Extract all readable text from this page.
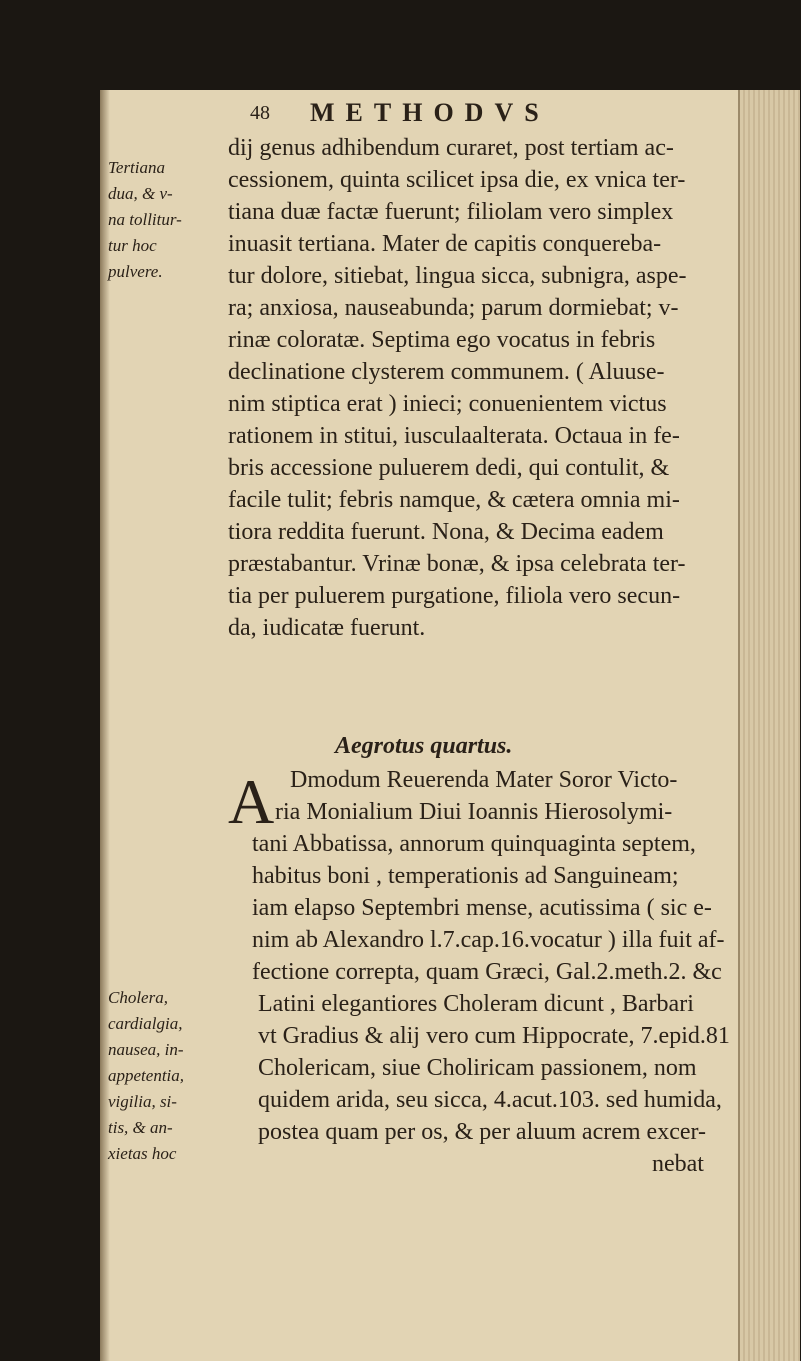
48 METHODVS
Tertiana
dua, & v-
na tollitur-
tur hoc
pulvere.
Cholera,
cardialgia,
nausea, in-
appetentia,
vigilia, si-
tis, & an-
xietas hoc
dij genus adhibendum curaret, post tertiam ac-
cessionem, quinta scilicet ipsa die, ex vnica ter-
tiana duæ factæ fuerunt; filiolam vero simplex
inuasit tertiana. Mater de capitis conquereba-
tur dolore, sitiebat, lingua sicca, subnigra, aspe-
ra; anxiosa, nauseabunda; parum dormiebat; v-
rinæ coloratæ. Septima ego vocatus in febris
declinatione clysterem communem. ( Aluuse-
nim stiptica erat ) inieci; conuenientem victus
rationem in stitui, iusculaalterata. Octaua in fe-
bris accessione puluerem dedi, qui contulit, &
facile tulit; febris namque, & cætera omnia mi-
tiora reddita fuerunt. Nona, & Decima eadem
præstabantur. Vrinæ bonæ, & ipsa celebrata ter-
tia per puluerem purgatione, filiola vero secun-
da, iudicatæ fuerunt.
Aegrotus quartus.
A Dmodum Reuerenda Mater Soror Victo-
ria Monialium Diui Ioannis Hierosolymi-
tani Abbatissa, annorum quinquaginta septem,
habitus boni , temperationis ad Sanguineam;
iam elapso Septembri mense, acutissima ( sic e-
nim ab Alexandro l.7.cap.16.vocatur ) illa fuit af-
fectione correpta, quam Græci, Gal.2.meth.2. &c
Latini elegantiores Choleram dicunt , Barbari
vt Gradius & alij vero cum Hippocrate, 7.epid.81
Cholericam, siue Choliricam passionem, nom
quidem arida, seu sicca, 4.acut.103. sed humida,
postea quam per os, & per aluum acrem excer-
nebat
